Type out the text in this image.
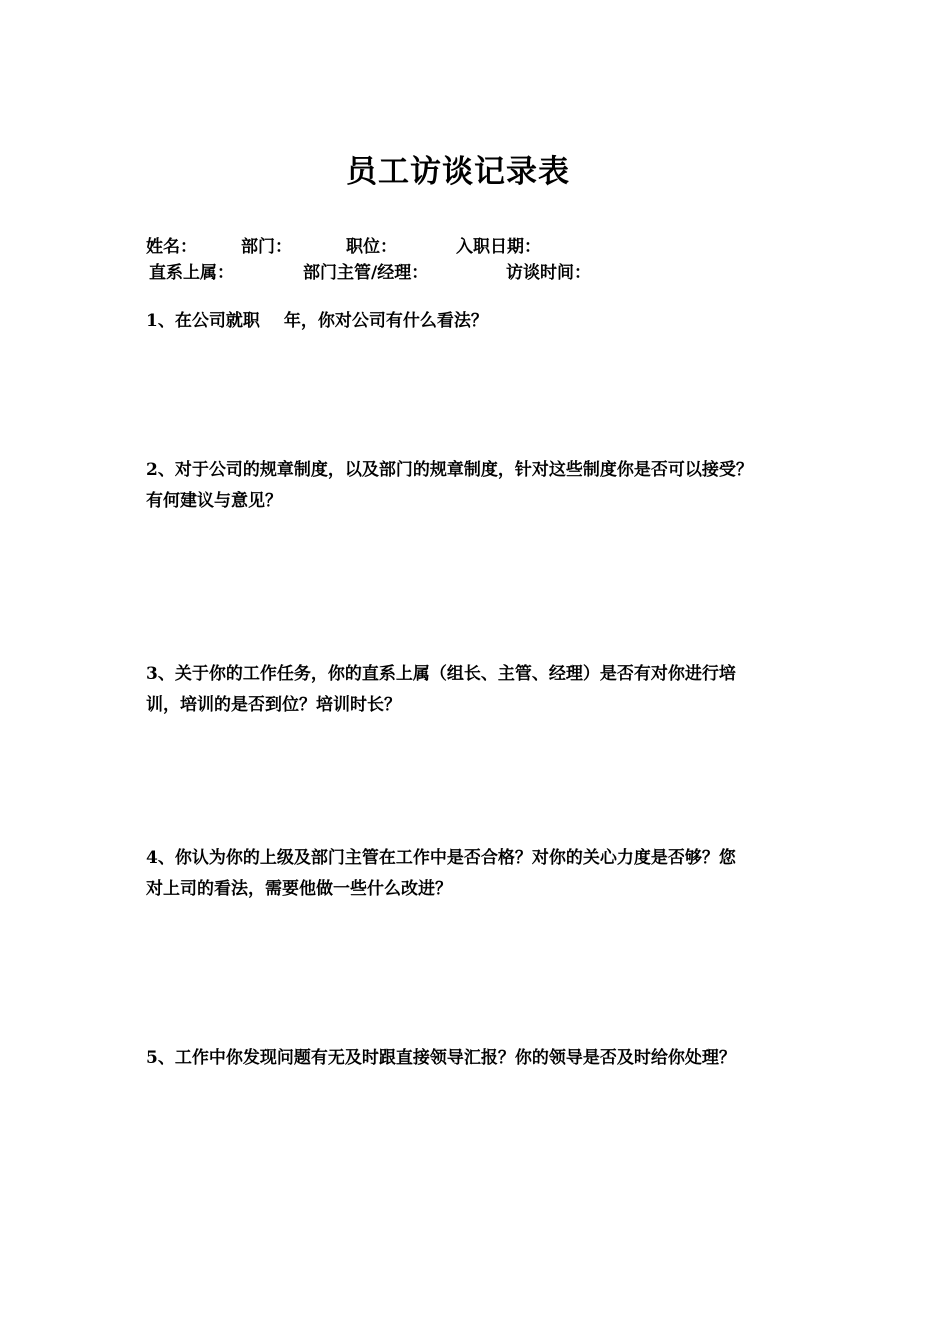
员工访谈记录表
姓名：	部门：	职位：	入职日期：
直系上属：	部门主管/经理：	访谈时间：
1、在公司就职 年，你对公司有什么看法？
2、对于公司的规章制度，以及部门的规章制度，针对这些制度你是否可以接受？
有何建议与意见？
3、关于你的工作任务，你的直系上属（组长、主管、经理）是否有对你进行培
训，培训的是否到位？培训时长？
4、你认为你的上级及部门主管在工作中是否合格？对你的关心力度是否够？您
对上司的看法，需要他做一些什么改进？
5、工作中你发现问题有无及时跟直接领导汇报？你的领导是否及时给你处理？
